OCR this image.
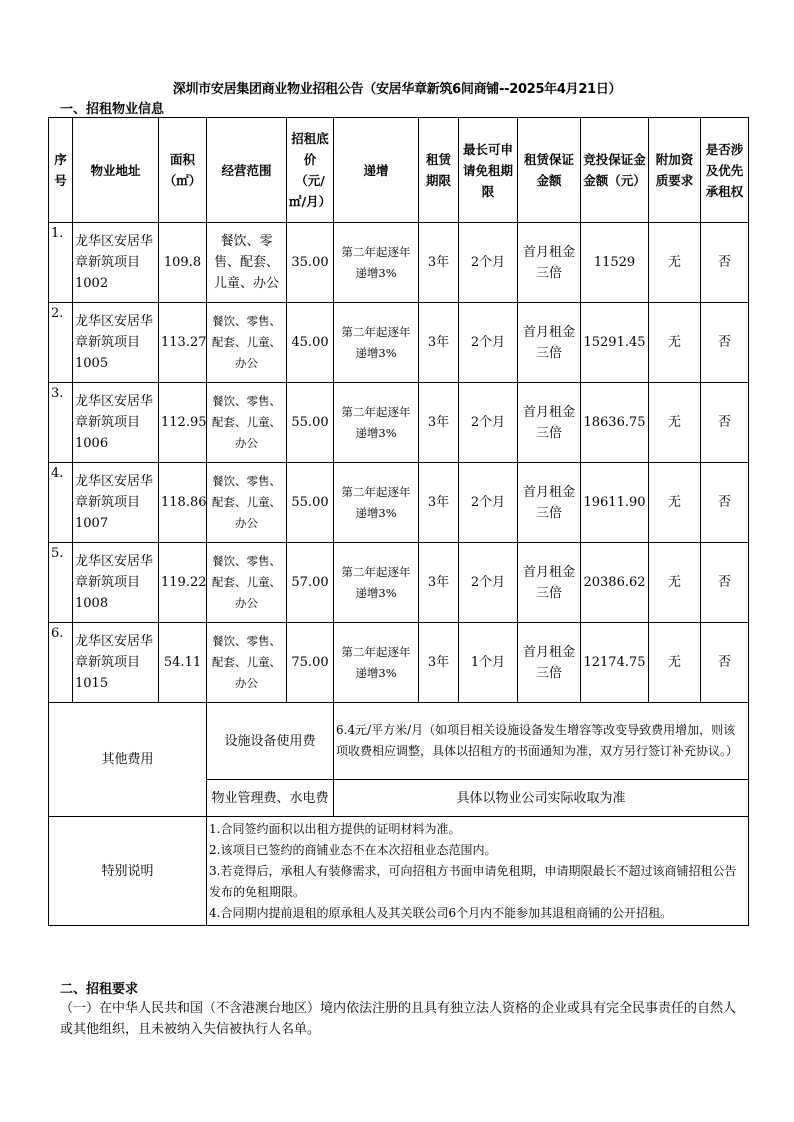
深圳市安居集团商业物业招租公告（安居华章新筑6间商铺--2025年4月21日）
一、招租物业信息
序号	物业地址	面积（㎡）	经营范围	招租底价（元/㎡/月）	递增	租赁期限	最长可申请免租期限	租赁保证金额	竞投保证金金额（元）	附加资质要求	是否涉及优先承租权
1.	龙华区安居华章新筑项目1002	109.8	餐饮、零售、配套、儿童、办公	35.00	第二年起逐年递增3%	3年	2个月	首月租金三倍	11529	无	否
2.	龙华区安居华章新筑项目1005	113.27	餐饮、零售、配套、儿童、办公	45.00	第二年起逐年递增3%	3年	2个月	首月租金三倍	15291.45	无	否
3.	龙华区安居华章新筑项目1006	112.95	餐饮、零售、配套、儿童、办公	55.00	第二年起逐年递增3%	3年	2个月	首月租金三倍	18636.75	无	否
4.	龙华区安居华章新筑项目1007	118.86	餐饮、零售、配套、儿童、办公	55.00	第二年起逐年递增3%	3年	2个月	首月租金三倍	19611.90	无	否
5.	龙华区安居华章新筑项目1008	119.22	餐饮、零售、配套、儿童、办公	57.00	第二年起逐年递增3%	3年	2个月	首月租金三倍	20386.62	无	否
6.	龙华区安居华章新筑项目1015	54.11	餐饮、零售、配套、儿童、办公	75.00	第二年起逐年递增3%	3年	1个月	首月租金三倍	12174.75	无	否
其他费用			设施设备使用费		6.4元/平方米/月（如项目相关设施设备发生增容等改变导致费用增加，则该项收费相应调整，具体以招租方的书面通知为准，双方另行签订补充协议。）						
			物业管理费、水电费		具体以物业公司实际收取为准						
特别说明			1.合同签约面积以出租方提供的证明材料为准。
2.该项目已签约的商铺业态不在本次招租业态范围内。
3.若竞得后，承租人有装修需求，可向招租方书面申请免租期，申请期限最长不超过该商铺招租公告发布的免租期限。
4.合同期内提前退租的原承租人及其关联公司6个月内不能参加其退租商铺的公开招租。								
二、招租要求
（一）在中华人民共和国（不含港澳台地区）境内依法注册的且具有独立法人资格的企业或具有完全民事责任的自然人或其他组织，且未被纳入失信被执行人名单。
